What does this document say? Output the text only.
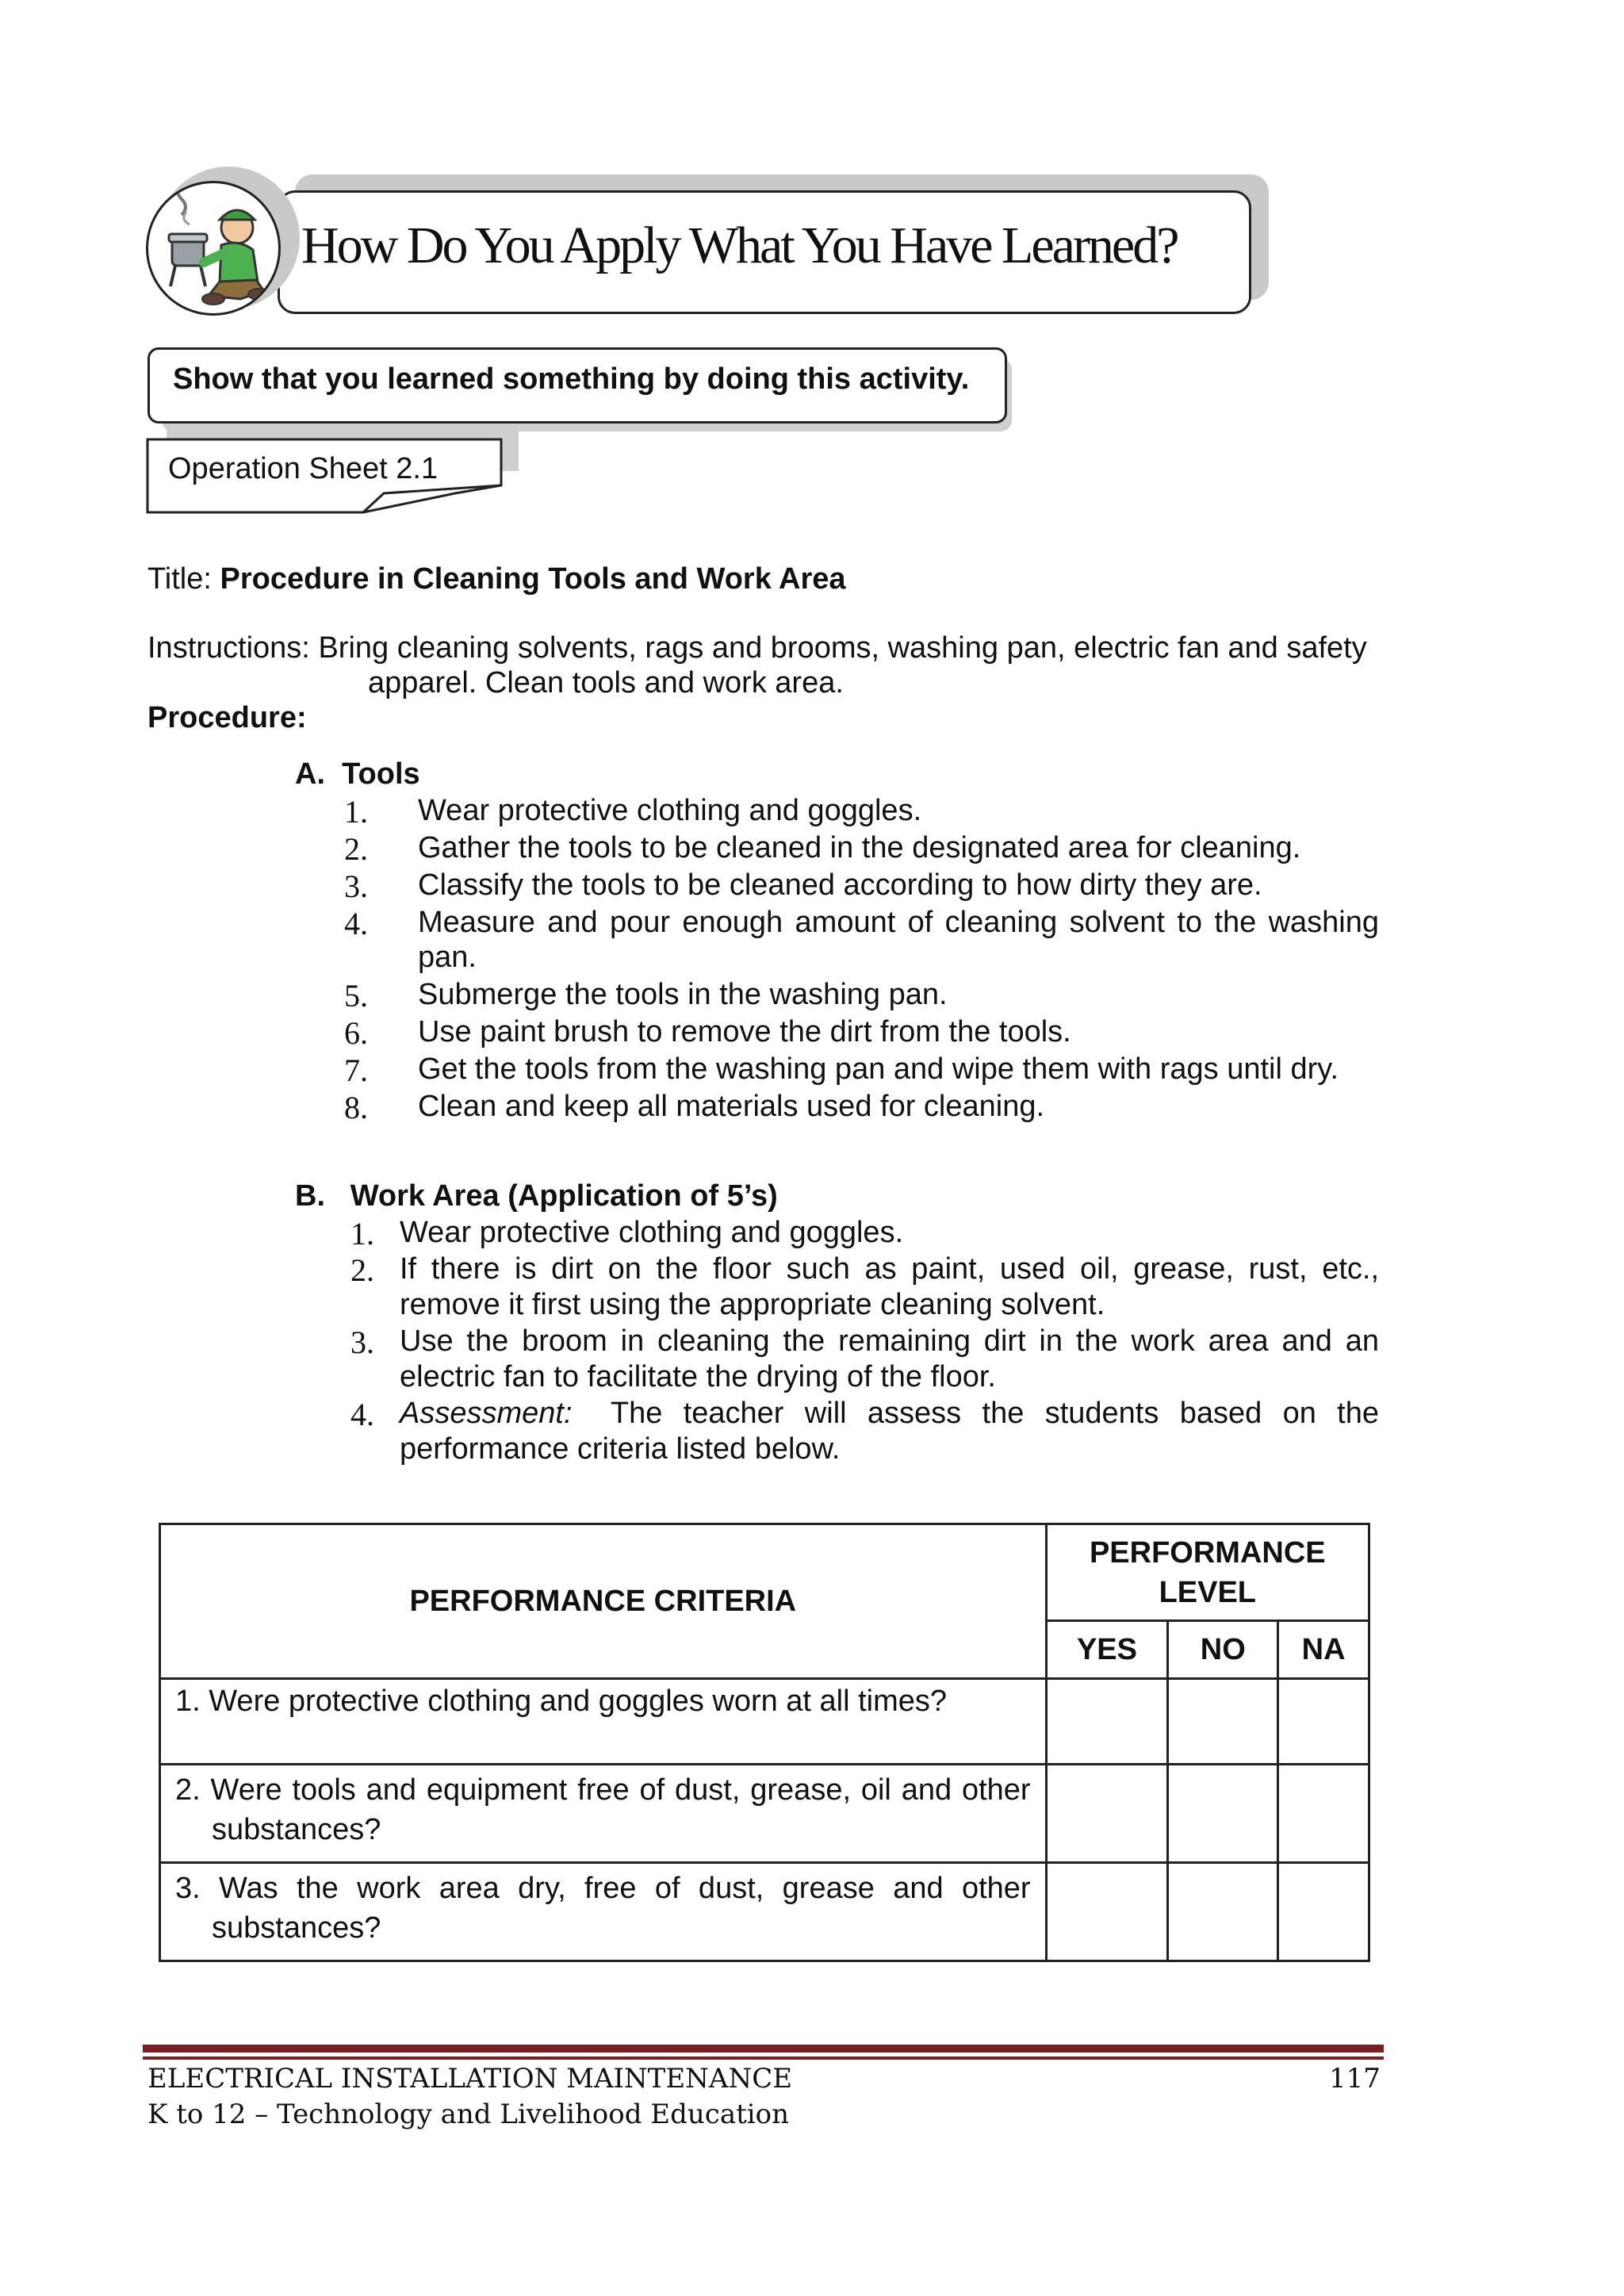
How Do You Apply What You Have Learned?
Show that you learned something by doing this activity.
Operation Sheet 2.1
Title: Procedure in Cleaning Tools and Work Area
Instructions: Bring cleaning solvents, rags and brooms, washing pan, electric fan and safety
apparel. Clean tools and work area.
Procedure:
A. Tools
1. Wear protective clothing and goggles.
2. Gather the tools to be cleaned in the designated area for cleaning.
3. Classify the tools to be cleaned according to how dirty they are.
4. Measure and pour enough amount of cleaning solvent to the washing
pan.
5. Submerge the tools in the washing pan.
6. Use paint brush to remove the dirt from the tools.
7. Get the tools from the washing pan and wipe them with rags until dry.
8. Clean and keep all materials used for cleaning.
B. Work Area (Application of 5’s)
1. Wear protective clothing and goggles.
2. If there is dirt on the floor such as paint, used oil, grease, rust, etc.,
remove it first using the appropriate cleaning solvent.
3. Use the broom in cleaning the remaining dirt in the work area and an
electric fan to facilitate the drying of the floor.
4. Assessment: The teacher will assess the students based on the
performance criteria listed below.
PERFORMANCE CRITERIA	PERFORMANCE LEVEL		
	YES	NO	NA

1. Were protective clothing and goggles worn at all times?			

2. Were tools and equipment free of dust, grease, oil and other
substances?			

3. Was the work area dry, free of dust, grease and other
substances?			

ELECTRICAL INSTALLATION MAINTENANCE	117
K to 12 – Technology and Livelihood Education
